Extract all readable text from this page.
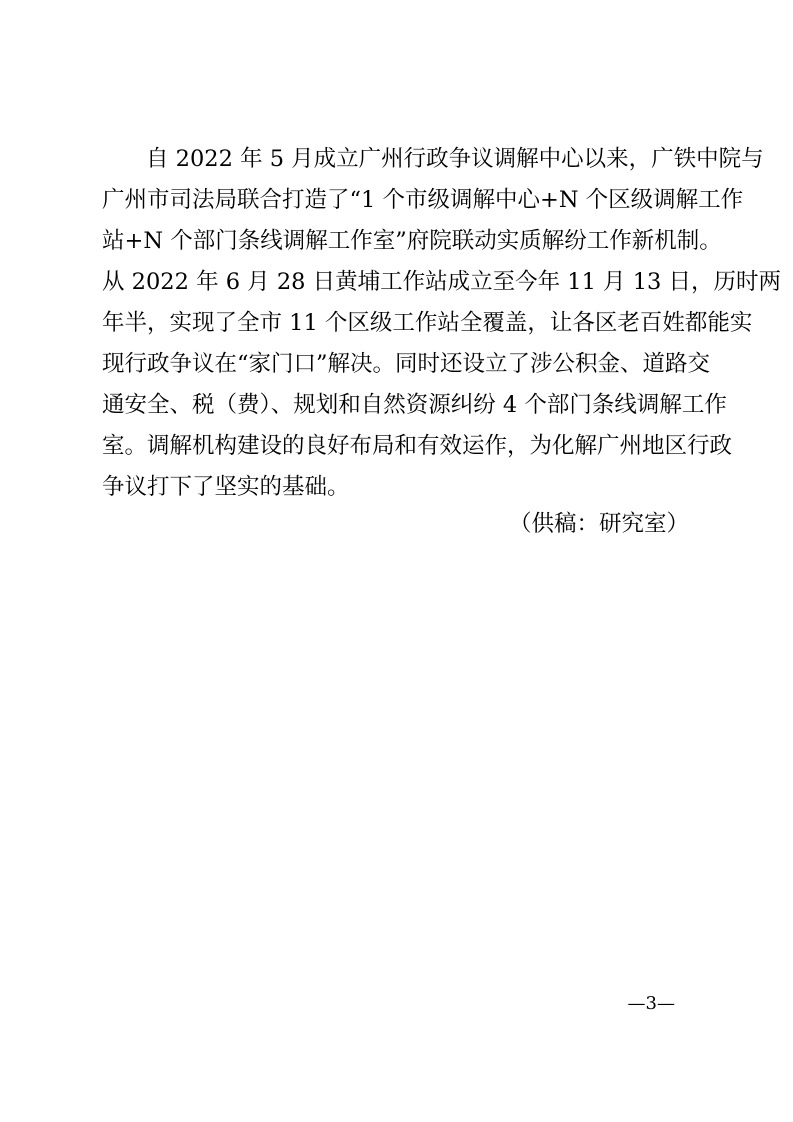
自 2022 年 5 月成立广州行政争议调解中心以来，广铁中院与
广州市司法局联合打造了“1 个市级调解中心+N 个区级调解工作
站+N 个部门条线调解工作室”府院联动实质解纷工作新机制。
从 2022 年 6 月 28 日黄埔工作站成立至今年 11 月 13 日，历时两
年半，实现了全市 11 个区级工作站全覆盖，让各区老百姓都能实
现行政争议在“家门口”解决。同时还设立了涉公积金、道路交
通安全、税（费）、规划和自然资源纠纷 4 个部门条线调解工作
室。调解机构建设的良好布局和有效运作，为化解广州地区行政
争议打下了坚实的基础。
（供稿：研究室）
—3—
